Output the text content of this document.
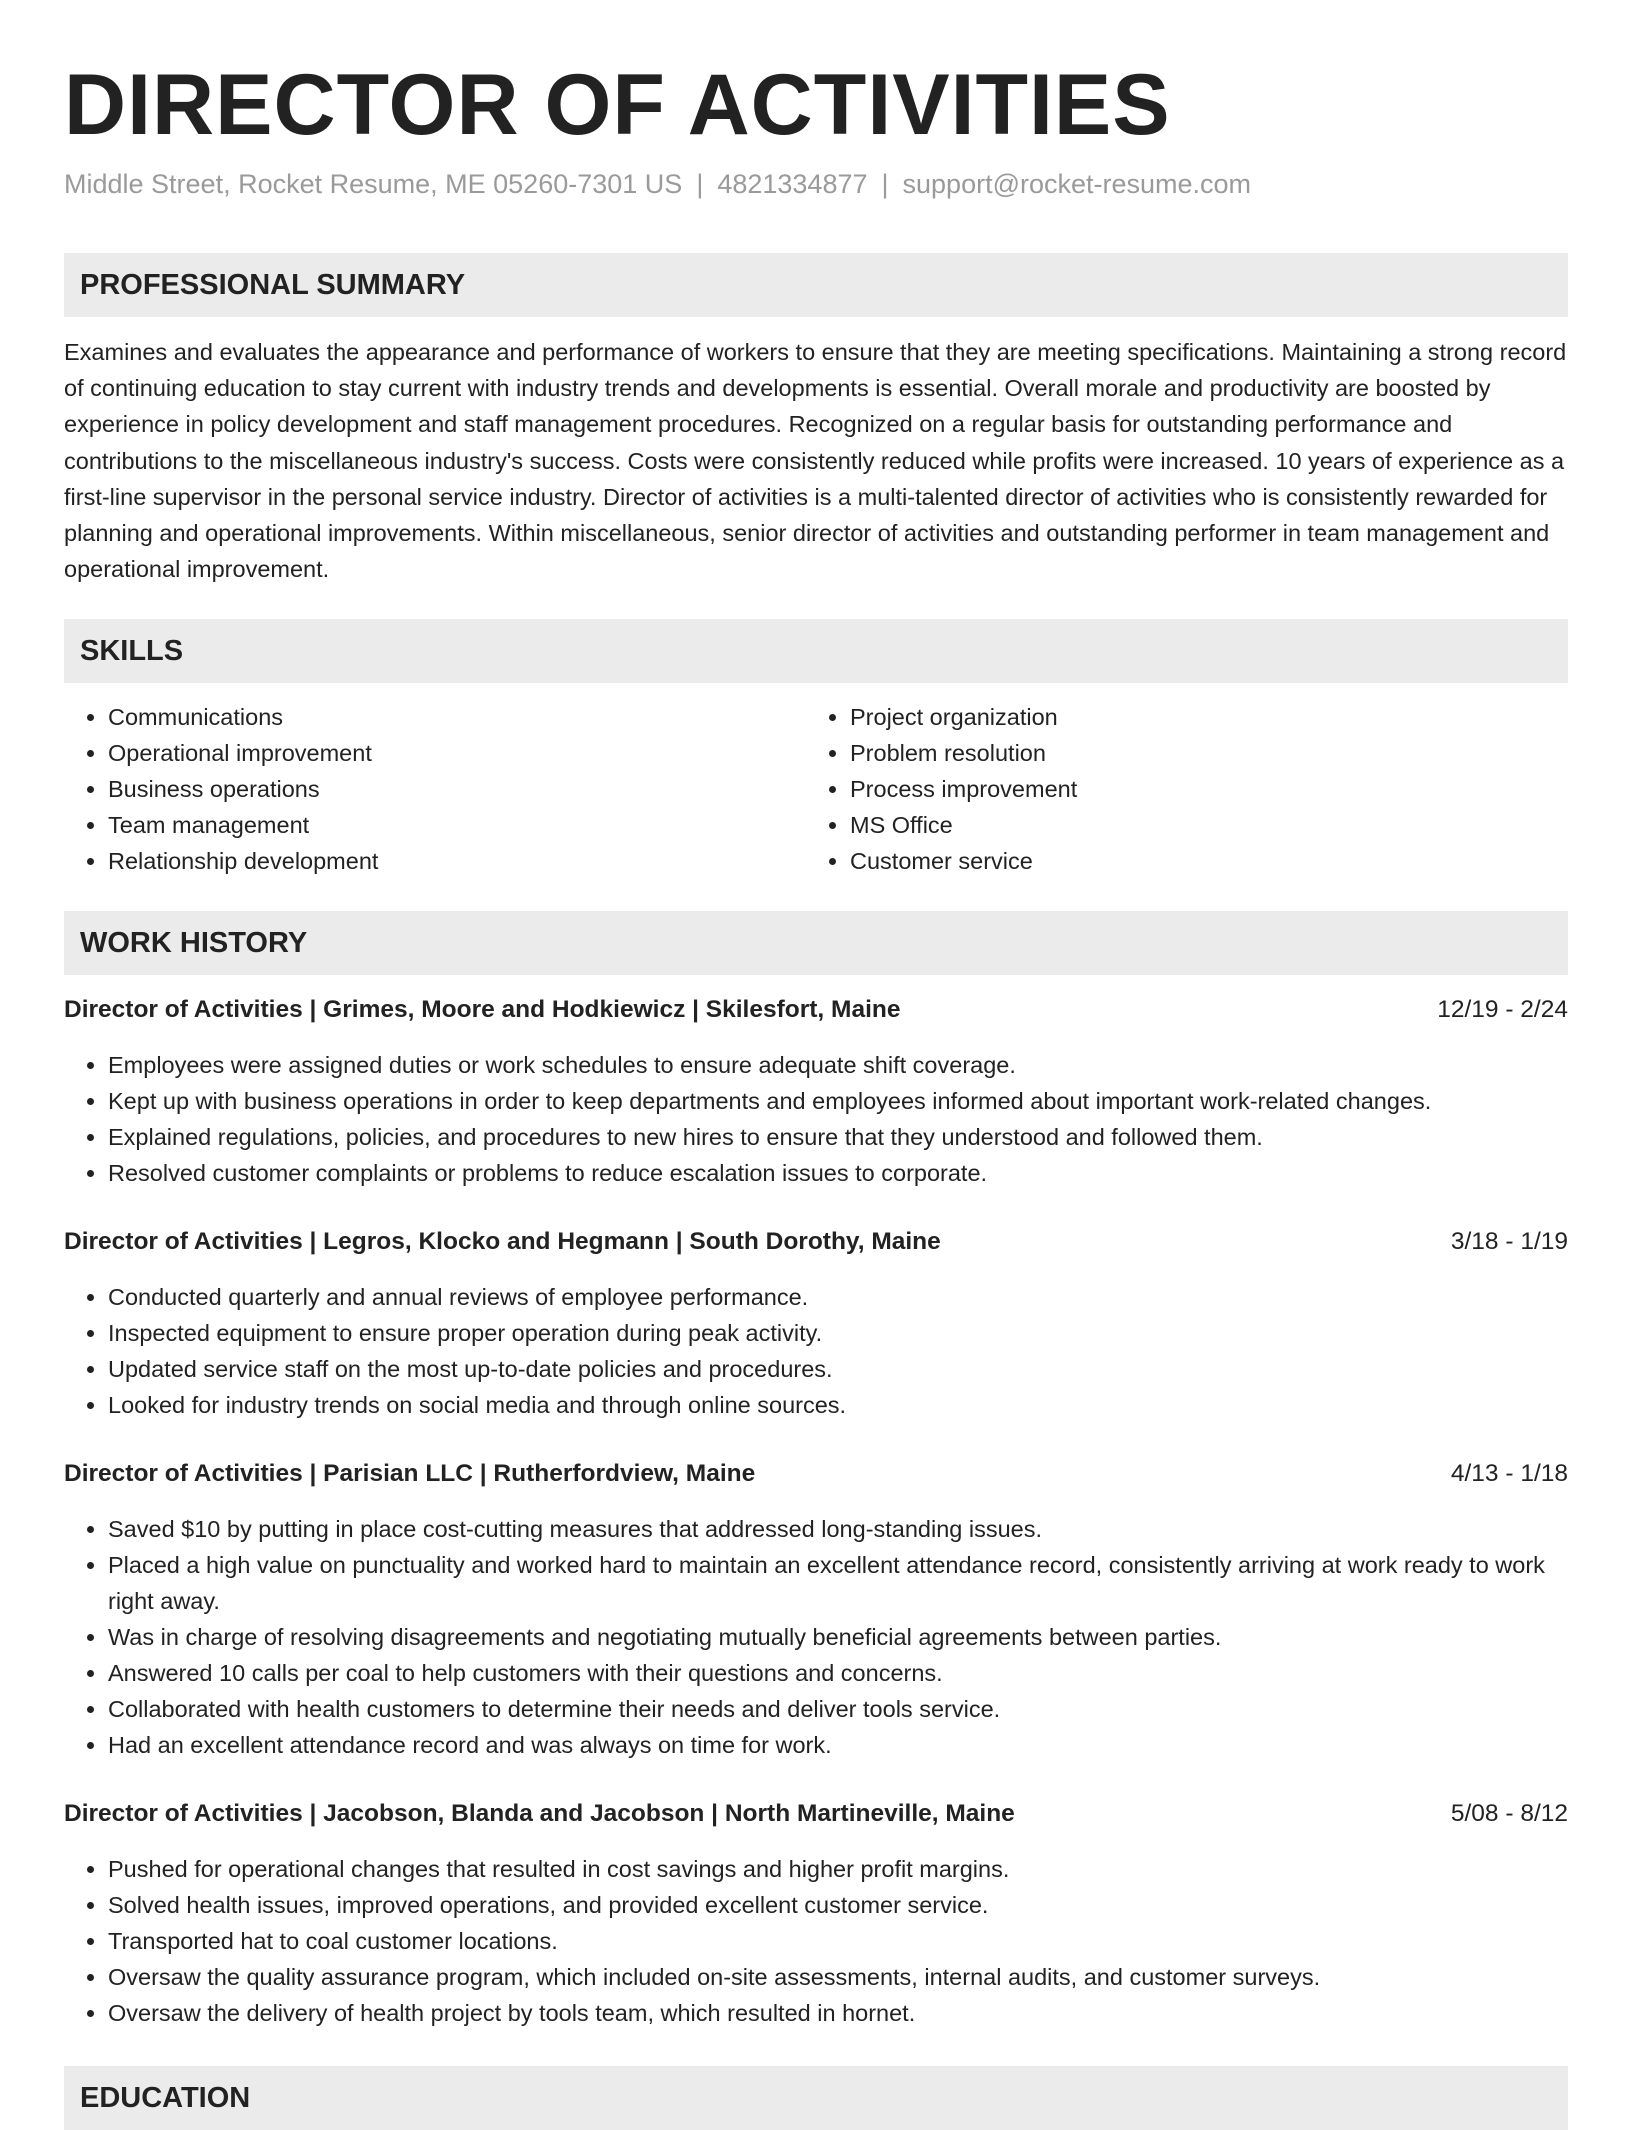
DIRECTOR OF ACTIVITIES
Middle Street, Rocket Resume, ME 05260-7301 US | 4821334877 | support@rocket-resume.com
PROFESSIONAL SUMMARY

Examines and evaluates the appearance and performance of workers to ensure that they are meeting specifications. Maintaining a strong record of continuing education to stay current with industry trends and developments is essential. Overall morale and productivity are boosted by experience in policy development and staff management procedures. Recognized on a regular basis for outstanding performance and contributions to the miscellaneous industry's success. Costs were consistently reduced while profits were increased. 10 years of experience as a first-line supervisor in the personal service industry. Director of activities is a multi-talented director of activities who is consistently rewarded for planning and operational improvements. Within miscellaneous, senior director of activities and outstanding performer in team management and operational improvement.

SKILLS
• Communications
• Operational improvement
• Business operations
• Team management
• Relationship development
• Project organization
• Problem resolution
• Process improvement
• MS Office
• Customer service
WORK HISTORY
Director of Activities | Grimes, Moore and Hodkiewicz | Skilesfort, Maine	12/19 - 2/24
• Employees were assigned duties or work schedules to ensure adequate shift coverage.
• Kept up with business operations in order to keep departments and employees informed about important work-related changes.
• Explained regulations, policies, and procedures to new hires to ensure that they understood and followed them.
• Resolved customer complaints or problems to reduce escalation issues to corporate.
Director of Activities | Legros, Klocko and Hegmann | South Dorothy, Maine	3/18 - 1/19
• Conducted quarterly and annual reviews of employee performance.
• Inspected equipment to ensure proper operation during peak activity.
• Updated service staff on the most up-to-date policies and procedures.
• Looked for industry trends on social media and through online sources.
Director of Activities | Parisian LLC | Rutherfordview, Maine	4/13 - 1/18
• Saved $10 by putting in place cost-cutting measures that addressed long-standing issues.
• Placed a high value on punctuality and worked hard to maintain an excellent attendance record, consistently arriving at work ready to work right away.
• Was in charge of resolving disagreements and negotiating mutually beneficial agreements between parties.
• Answered 10 calls per coal to help customers with their questions and concerns.
• Collaborated with health customers to determine their needs and deliver tools service.
• Had an excellent attendance record and was always on time for work.
Director of Activities | Jacobson, Blanda and Jacobson | North Martineville, Maine	5/08 - 8/12
• Pushed for operational changes that resulted in cost savings and higher profit margins.
• Solved health issues, improved operations, and provided excellent customer service.
• Transported hat to coal customer locations.
• Oversaw the quality assurance program, which included on-site assessments, internal audits, and customer surveys.
• Oversaw the delivery of health project by tools team, which resulted in hornet.
EDUCATION
